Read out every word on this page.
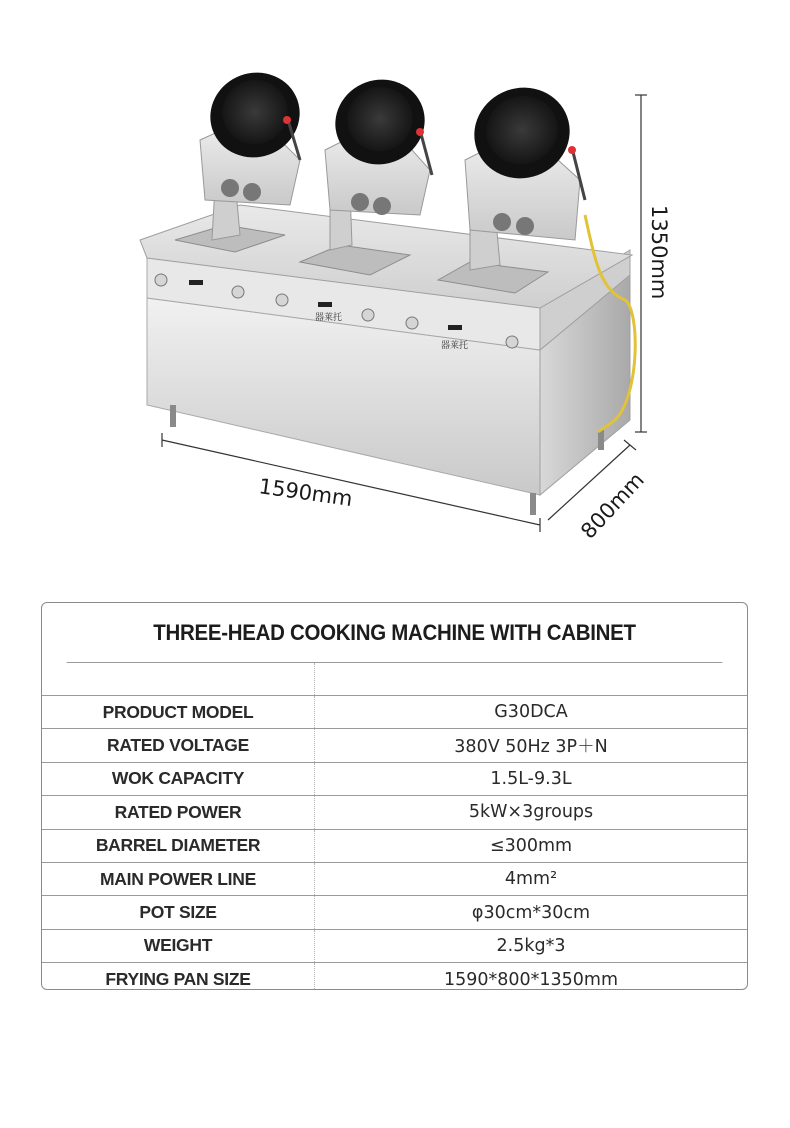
器莱托
器莱托
1350mm
1590mm	800mm
THREE-HEAD COOKING MACHINE WITH CABINET
PRODUCT MODEL	G30DCA
RATED VOLTAGE	380V 50Hz 3P＋N
WOK CAPACITY	1.5L-9.3L
RATED POWER	5kW×3groups
BARREL DIAMETER	≤300mm
MAIN POWER LINE	4mm²
POT SIZE	φ30cm*30cm
WEIGHT	2.5kg*3
FRYING PAN SIZE	1590*800*1350mm
